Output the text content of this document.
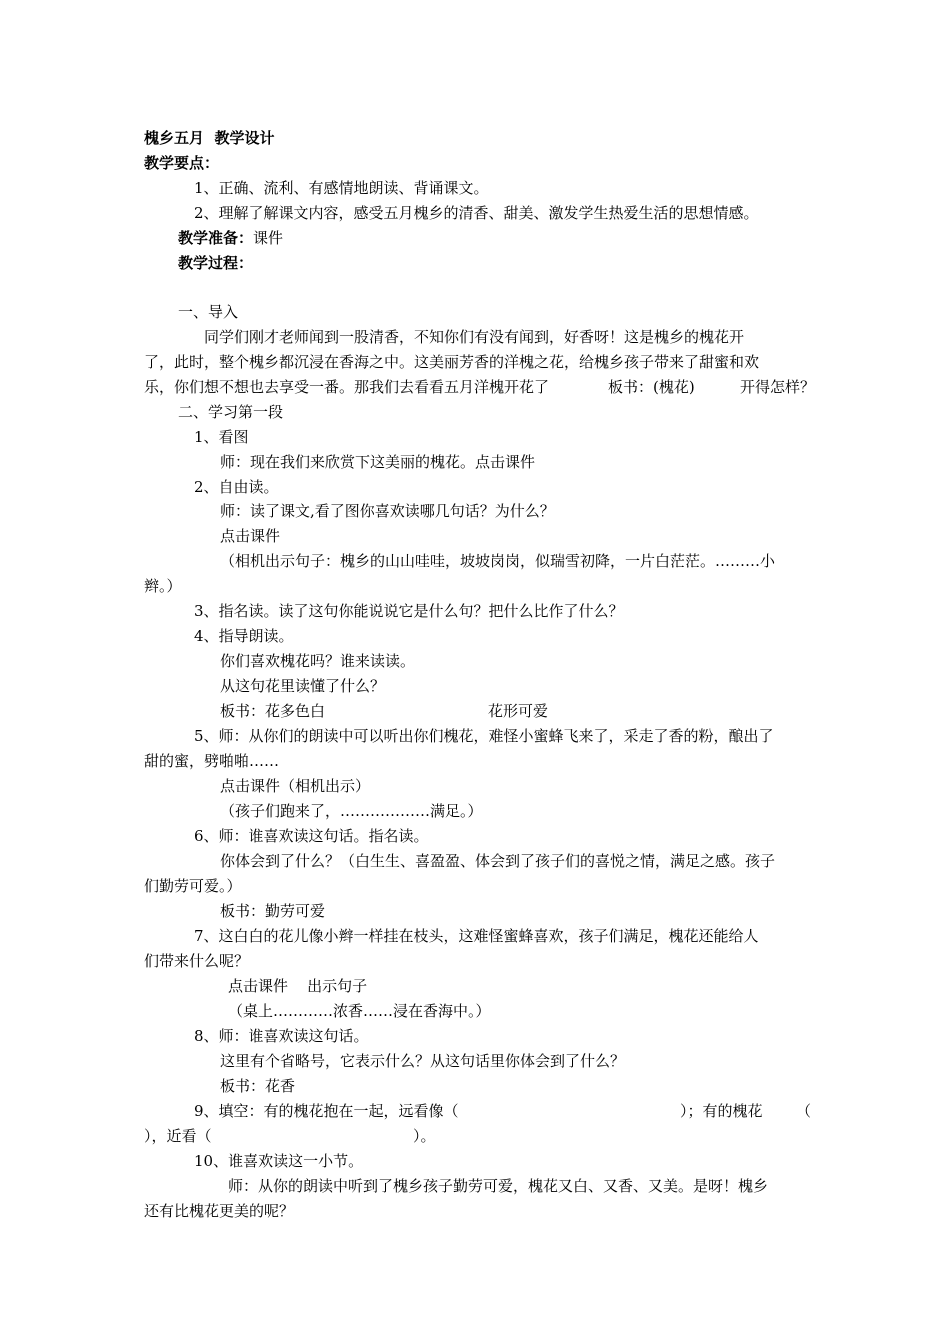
槐乡五月  教学设计
教学要点：
1、正确、流利、有感情地朗读、背诵课文。
2、理解了解课文内容，感受五月槐乡的清香、甜美、激发学生热爱生活的思想情感。
教学准备：课件
教学过程：
一、导入
同学们刚才老师闻到一股清香，不知你们有没有闻到，好香呀！这是槐乡的槐花开
了，此时，整个槐乡都沉浸在香海之中。这美丽芳香的洋槐之花，给槐乡孩子带来了甜蜜和欢
乐，你们想不想也去享受一番。那我们去看看五月洋槐开花了	板书：(槐花)	开得怎样？
二、学习第一段
1、看图
师：现在我们来欣赏下这美丽的槐花。点击课件
2、自由读。
师：读了课文,看了图你喜欢读哪几句话？为什么？
点击课件
（相机出示句子：槐乡的山山哇哇，坡坡岗岗，似瑞雪初降，一片白茫茫。………小
辫。）
3、指名读。读了这句你能说说它是什么句？把什么比作了什么？
4、指导朗读。
你们喜欢槐花吗？谁来读读。
从这句花里读懂了什么？
板书：花多色白	花形可爱
5、师：从你们的朗读中可以听出你们槐花，难怪小蜜蜂飞来了，采走了香的粉，酿出了
甜的蜜，劈啪啪……
点击课件（相机出示）
（孩子们跑来了，………………满足。）
6、师：谁喜欢读这句话。指名读。
你体会到了什么？（白生生、喜盈盈、体会到了孩子们的喜悦之情，满足之感。孩子
们勤劳可爱。）
板书：勤劳可爱
7、这白白的花儿像小辫一样挂在枝头，这难怪蜜蜂喜欢，孩子们满足，槐花还能给人
们带来什么呢？
点击课件    出示句子
（桌上…………浓香……浸在香海中。）
8、师：谁喜欢读这句话。
这里有个省略号，它表示什么？从这句话里你体会到了什么？
板书：花香
9、填空：有的槐花抱在一起，远看像（	）；有的槐花 （
），近看（	）。
10、谁喜欢读这一小节。
师：从你的朗读中听到了槐乡孩子勤劳可爱，槐花又白、又香、又美。是呀！槐乡
还有比槐花更美的呢？
